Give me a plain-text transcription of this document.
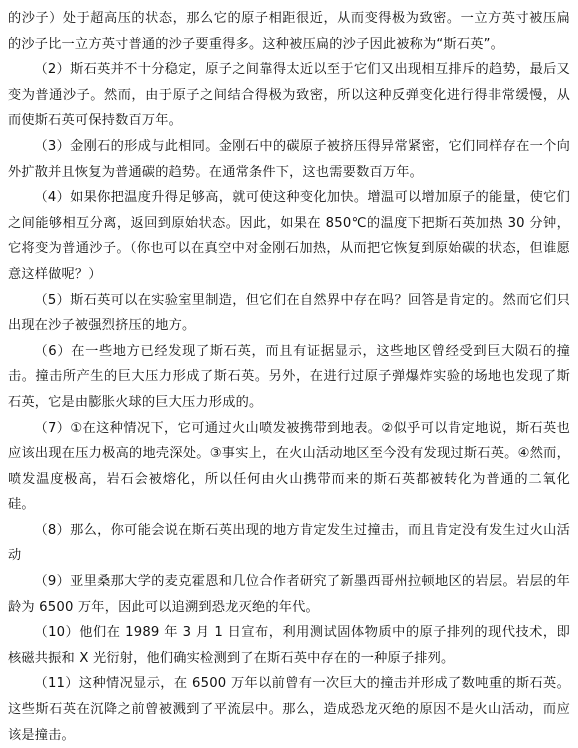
的沙子）处于超高压的状态，那么它的原子相距很近，从而变得极为致密。一立方英寸被压扁的沙子比一立方英寸普通的沙子要重得多。这种被压扁的沙子因此被称为“斯石英”。

（2）斯石英并不十分稳定，原子之间靠得太近以至于它们又出现相互排斥的趋势，最后又变为普通沙子。然而，由于原子之间结合得极为致密，所以这种反弹变化进行得非常缓慢，从而使斯石英可保持数百万年。

（3）金刚石的形成与此相同。金刚石中的碳原子被挤压得异常紧密，它们同样存在一个向外扩散并且恢复为普通碳的趋势。在通常条件下，这也需要数百万年。

（4）如果你把温度升得足够高，就可使这种变化加快。增温可以增加原子的能量，使它们之间能够相互分离，返回到原始状态。因此，如果在 850℃的温度下把斯石英加热 30 分钟，它将变为普通沙子。（你也可以在真空中对金刚石加热，从而把它恢复到原始碳的状态，但谁愿意这样做呢？）

（5）斯石英可以在实验室里制造，但它们在自然界中存在吗？回答是肯定的。然而它们只出现在沙子被强烈挤压的地方。

（6）在一些地方已经发现了斯石英，而且有证据显示，这些地区曾经受到巨大陨石的撞击。撞击所产生的巨大压力形成了斯石英。另外，在进行过原子弹爆炸实验的场地也发现了斯石英，它是由膨胀火球的巨大压力形成的。

（7）①在这种情况下，它可通过火山喷发被携带到地表。②似乎可以肯定地说，斯石英也应该出现在压力极高的地壳深处。③事实上，在火山活动地区至今没有发现过斯石英。④然而，喷发温度极高，岩石会被熔化，所以任何由火山携带而来的斯石英都被转化为普通的二氧化硅。

（8）那么，你可能会说在斯石英出现的地方肯定发生过撞击，而且肯定没有发生过火山活动

（9）亚里桑那大学的麦克霍恩和几位合作者研究了新墨西哥州拉顿地区的岩层。岩层的年龄为 6500 万年，因此可以追溯到恐龙灭绝的年代。

（10）他们在 1989 年 3 月 1 日宣布，利用测试固体物质中的原子排列的现代技术，即核磁共振和 X 光衍射，他们确实检测到了在斯石英中存在的一种原子排列。

（11）这种情况显示，在 6500 万年以前曾有一次巨大的撞击并形成了数吨重的斯石英。这些斯石英在沉降之前曾被溅到了平流层中。那么，造成恐龙灭绝的原因不是火山活动，而应该是撞击。
